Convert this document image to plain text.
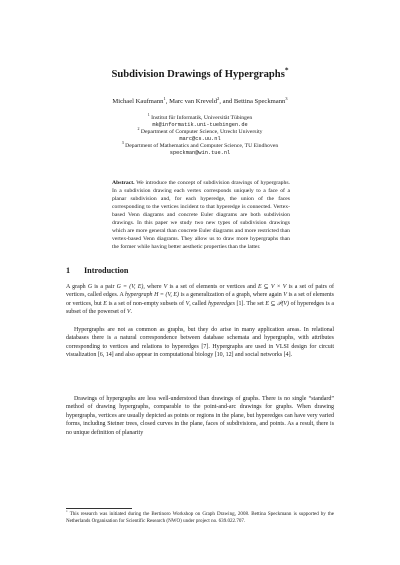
Subdivision Drawings of Hypergraphs*
Michael Kaufmann$^1$, Marc van Kreveld$^2$, and Bettina Speckmann$^3$
$^1$ Institut für Informatik, Universität Tübingen
mk@informatik.uni-tuebingen.de
$^2$ Department of Computer Science, Utrecht University
marc@cs.uu.nl
$^3$ Department of Mathematics and Computer Science, TU Eindhoven
speckman@win.tue.nl
Abstract. We introduce the concept of subdivision drawings of hypergraphs. In a subdivision drawing each vertex corresponds uniquely to a face of a planar subdivision and, for each hyperedge, the union of the faces corresponding to the vertices incident to that hyperedge is connected. Vertex-based Venn diagrams and concrete Euler diagrams are both subdivision drawings. In this paper we study two new types of subdivision drawings which are more general than concrete Euler diagrams and more restricted than vertex-based Venn diagrams. They allow us to draw more hypergraphs than the former while having better aesthetic properties than the latter.
1 Introduction

A graph G is a pair G = (V, E), where V is a set of elements or vertices and E ⊆ V × V is a set of pairs of vertices, called edges. A hypergraph H = (V, E) is a generalization of a graph, where again V is a set of elements or vertices, but E is a set of non-empty subsets of V, called hyperedges [1]. The set E ⊆ 𝒫(V) of hyperedges is a subset of the powerset of V.

Hypergraphs are not as common as graphs, but they do arise in many application areas. In relational databases there is a natural correspondence between database schemata and hypergraphs, with attributes corresponding to vertices and relations to hyperedges [7]. Hypergraphs are used in VLSI design for circuit visualization [6, 14] and also appear in computational biology [10, 12] and social networks [4].

Drawings of hypergraphs are less well-understood than drawings of graphs. There is no single “standard” method of drawing hypergraphs, comparable to the point-and-arc drawings for graphs. When drawing hypergraphs, vertices are usually depicted as points or regions in the plane, but hyperedges can have very varied forms, including Steiner trees, closed curves in the plane, faces of subdivisions, and points. As a result, there is no unique definition of planarity

* This research was initiated during the Bertinoro Workshop on Graph Drawing, 2008. Bettina Speckmann is supported by the Netherlands Organisation for Scientific Research (NWO) under project no. 639.022.707.
